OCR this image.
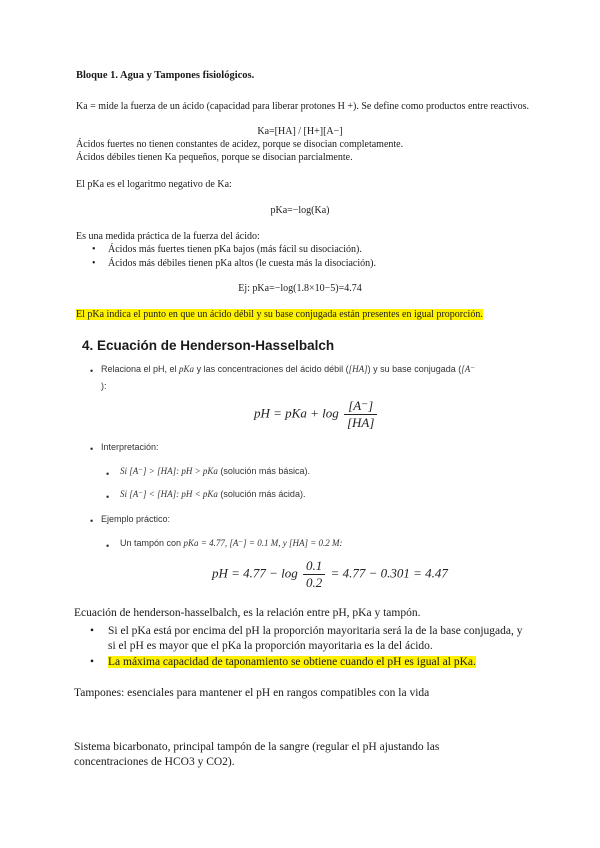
Bloque 1. Agua y Tampones fisiológicos.

Ka = mide la fuerza de un ácido (capacidad para liberar protones H +). Se define como productos entre reactivos.

Ka=[HA] / [H+][A−]

Ácidos fuertes no tienen constantes de acidez, porque se disocian completamente.

Ácidos débiles tienen Ka pequeños, porque se disocian parcialmente.

El pKa es el logaritmo negativo de Ka:

pKa=−log(Ka)

Es una medida práctica de la fuerza del ácido:

• Ácidos más fuertes tienen pKa bajos (más fácil su disociación).

• Ácidos más débiles tienen pKa altos (le cuesta más la disociación).

Ej: pKa=−log(1.8×10−5)=4.74

El pKa indica el punto en que un ácido débil y su base conjugada están presentes en igual proporción.

4. Ecuación de Henderson-Hasselbalch

• Relaciona el pH, el pKa y las concentraciones del ácido débil ([HA]) y su base conjugada ([A⁻

):

pH = pKa + $\log \frac{[A^-]}{[HA]}$

• Interpretación:

• Si [A⁻] > [HA]: pH > pKa (solución más básica).

• Si [A⁻] < [HA]: pH < pKa (solución más ácida).

• Ejemplo práctico:

• Un tampón con pKa = 4.77, [A⁻] = 0.1 M, y [HA] = 0.2 M:

pH = $4.77 - \log \frac{0.1}{0.2} = 4.77 - 0.301 = 4.47$

Ecuación de henderson-hasselbalch, es la relación entre pH, pKa y tampón.

•	Si el pKa está por encima del pH la proporción mayoritaria será la de la base conjugada, y si el pH es mayor que el pKa la proporción mayoritaria es la del ácido.
•	La máxima capacidad de taponamiento se obtiene cuando el pH es igual al pKa.

Tampones: esenciales para mantener el pH en rangos compatibles con la vida

Sistema bicarbonato, principal tampón de la sangre (regular el pH ajustando las concentraciones de HCO3 y CO2).
